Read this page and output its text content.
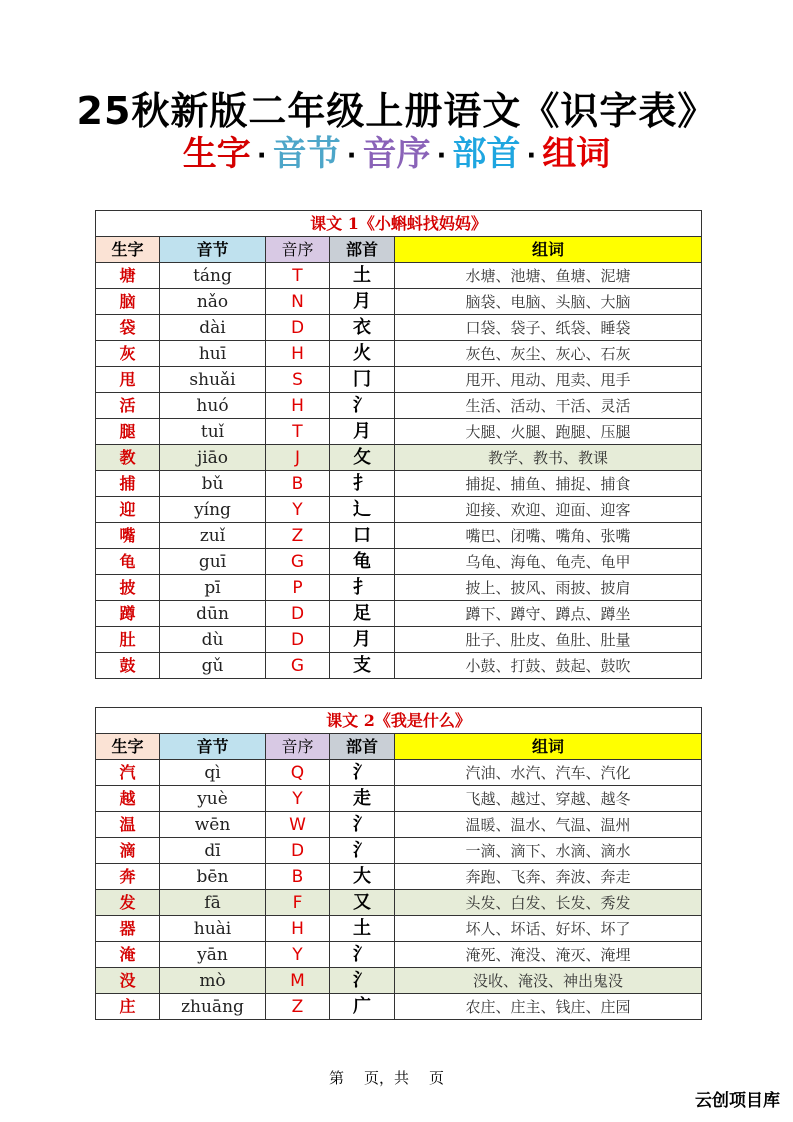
25秋新版二年级上册语文《识字表》
生字 · 音节 · 音序 · 部首 · 组词
课文 1《小蝌蚪找妈妈》				
生字	音节	音序	部首	组词
塘	táng	T	土	水塘、池塘、鱼塘、泥塘
脑	nǎo	N	月	脑袋、电脑、头脑、大脑
袋	dài	D	衣	口袋、袋子、纸袋、睡袋
灰	huī	H	火	灰色、灰尘、灰心、石灰
甩	shuǎi	S	冂	甩开、甩动、甩卖、甩手
活	huó	H	氵	生活、活动、干活、灵活
腿	tuǐ	T	月	大腿、火腿、跑腿、压腿
教	jiāo	J	攵	教学、教书、教课
捕	bǔ	B	扌	捕捉、捕鱼、捕捉、捕食
迎	yíng	Y	辶	迎接、欢迎、迎面、迎客
嘴	zuǐ	Z	口	嘴巴、闭嘴、嘴角、张嘴
龟	guī	G	龟	乌龟、海龟、龟壳、龟甲
披	pī	P	扌	披上、披风、雨披、披肩
蹲	dūn	D	足	蹲下、蹲守、蹲点、蹲坐
肚	dù	D	月	肚子、肚皮、鱼肚、肚量
鼓	gǔ	G	支	小鼓、打鼓、鼓起、鼓吹
课文 2《我是什么》				
生字	音节	音序	部首	组词
汽	qì	Q	氵	汽油、水汽、汽车、汽化
越	yuè	Y	走	飞越、越过、穿越、越冬
温	wēn	W	氵	温暖、温水、气温、温州
滴	dī	D	氵	一滴、滴下、水滴、滴水
奔	bēn	B	大	奔跑、飞奔、奔波、奔走
发	fā	F	又	头发、白发、长发、秀发
器	huài	H	土	坏人、坏话、好坏、坏了
淹	yān	Y	氵	淹死、淹没、淹灭、淹埋
没	mò	M	氵	没收、淹没、神出鬼没
庄	zhuāng	Z	广	农庄、庄主、钱庄、庄园
第 页，共 页
云创项目库
